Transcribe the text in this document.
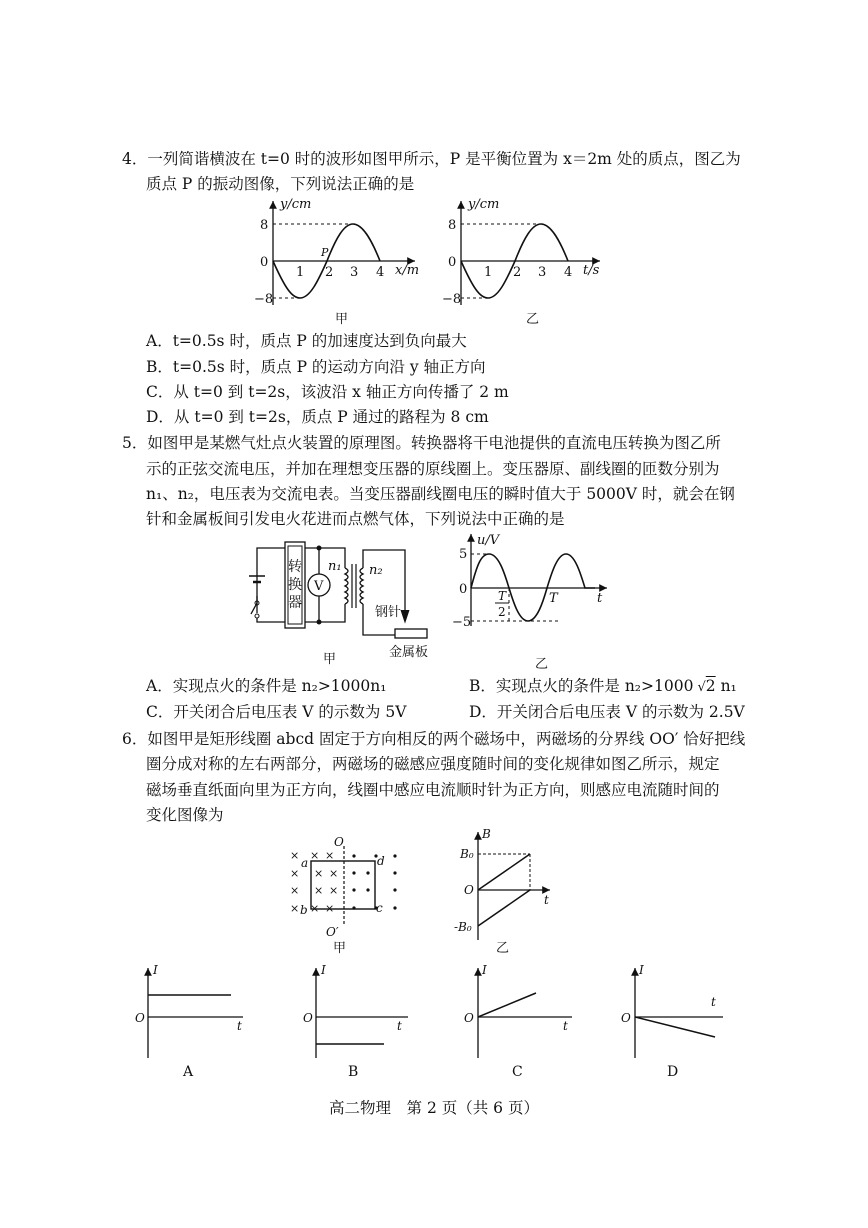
4．一列简谐横波在 t=0 时的波形如图甲所示，P 是平衡位置为 x＝2m 处的质点，图乙为
质点 P 的振动图像，下列说法正确的是
y/cm
8
0
−8
1 2 3 4
P
x/m
甲
y/cm
8
0
−8
1 2 3 4 t/s
乙
A．t=0.5s 时，质点 P 的加速度达到负向最大
B．t=0.5s 时，质点 P 的运动方向沿 y 轴正方向
C．从 t=0 到 t=2s，该波沿 x 轴正方向传播了 2 m
D．从 t=0 到 t=2s，质点 P 通过的路程为 8 cm
5．如图甲是某燃气灶点火装置的原理图。转换器将干电池提供的直流电压转换为图乙所
示的正弦交流电压，并加在理想变压器的原线圈上。变压器原、副线圈的匝数分别为
n₁、n₂，电压表为交流电表。当变压器副线圈电压的瞬时值大于 5000V 时，就会在钢
针和金属板间引发电火花进而点燃气体，下列说法中正确的是
转
换
器
V
n₁ n₂
钢针
金属板
甲
u/V
5
0
−5
T
2
T	t
乙
A．实现点火的条件是 n₂>1000n₁	B．实现点火的条件是 n₂>1000 √2 n₁
C．开关闭合后电压表 V 的示数为 5V	D．开关闭合后电压表 V 的示数为 2.5V
6．如图甲是矩形线圈 abcd 固定于方向相反的两个磁场中，两磁场的分界线 OO′ 恰好把线
圈分成对称的左右两部分，两磁场的磁感应强度随时间的变化规律如图乙所示，规定
磁场垂直纸面向里为正方向，线圈中感应电流顺时针为正方向，则感应电流随时间的
变化图像为
× × ×
× × ×
× × ×
× × ×
O
O′
a
b	c
d
甲
B
B₀
O
-B₀
t
乙
I
O
t
A
I
O
t
B
I
O
t
C
I
O
t
D
高二物理　第 2 页（共 6 页）
